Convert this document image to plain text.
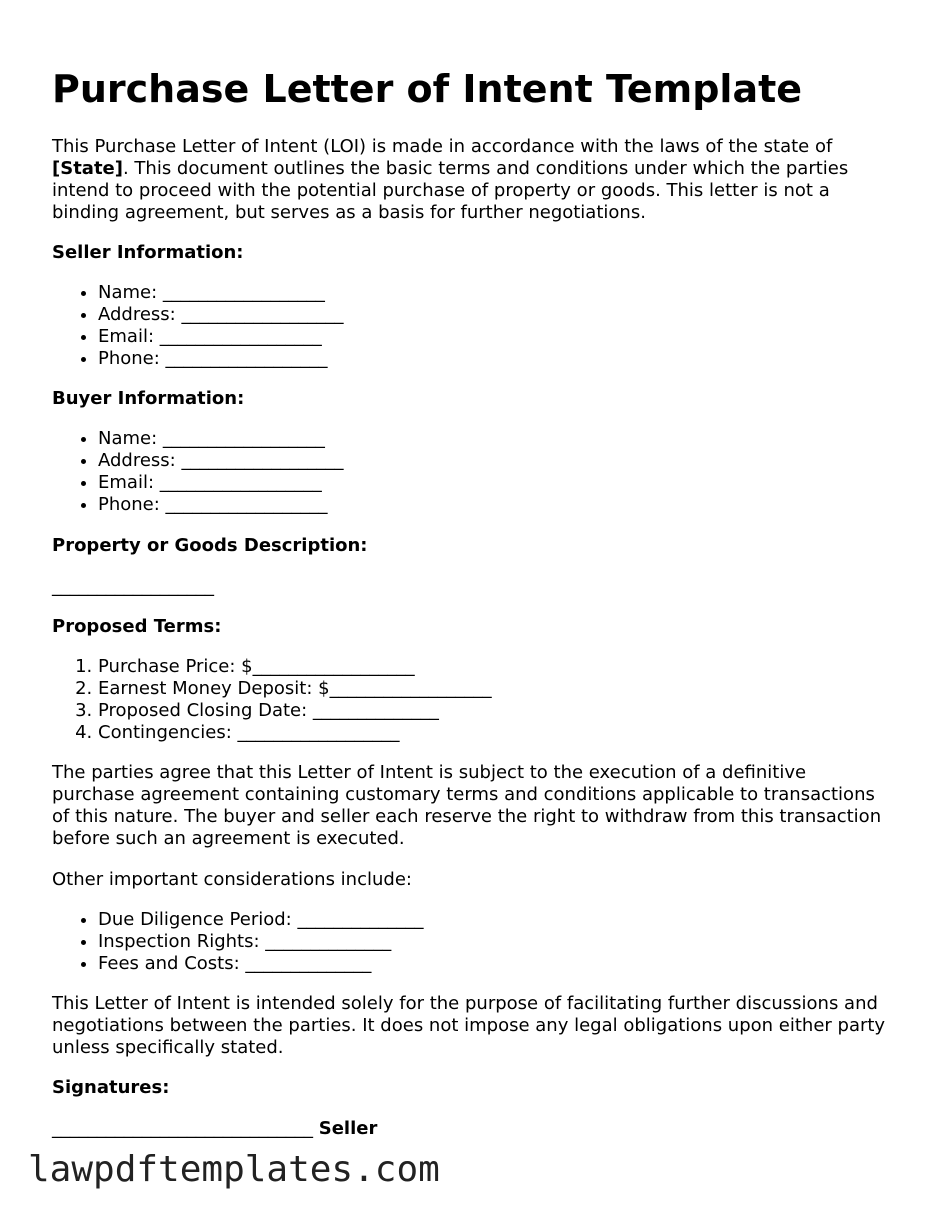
Purchase Letter of Intent Template

This Purchase Letter of Intent (LOI) is made in accordance with the laws of the state of [State]. This document outlines the basic terms and conditions under which the parties intend to proceed with the potential purchase of property or goods. This letter is not a binding agreement, but serves as a basis for further negotiations.

Seller Information:

• Name: __________________
• Address: __________________
• Email: __________________
• Phone: __________________

Buyer Information:

• Name: __________________
• Address: __________________
• Email: __________________
• Phone: __________________

Property or Goods Description:

__________________

Proposed Terms:

1. Purchase Price: $__________________
2. Earnest Money Deposit: $__________________
3. Proposed Closing Date: ______________
4. Contingencies: __________________

The parties agree that this Letter of Intent is subject to the execution of a definitive purchase agreement containing customary terms and conditions applicable to transactions of this nature. The buyer and seller each reserve the right to withdraw from this transaction before such an agreement is executed.

Other important considerations include:

• Due Diligence Period: ______________
• Inspection Rights: ______________
• Fees and Costs: ______________

This Letter of Intent is intended solely for the purpose of facilitating further discussions and negotiations between the parties. It does not impose any legal obligations upon either party unless specifically stated.

Signatures:

_____________________________ Seller

lawpdftemplates.com
